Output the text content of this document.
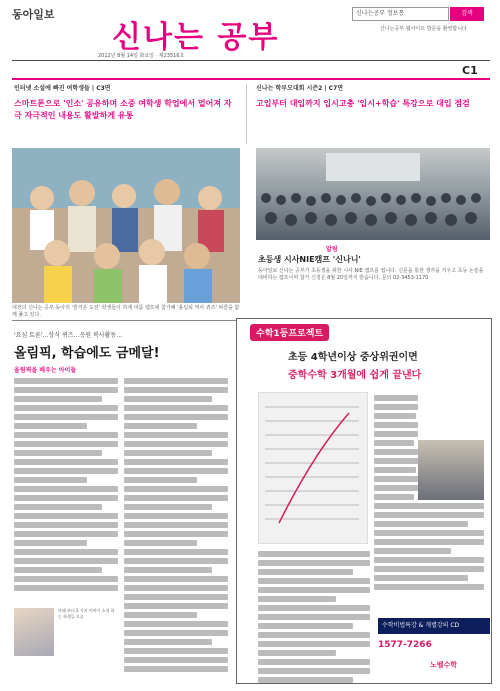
동아일보
신나는 공부
신나는공부 정보통	검색
신나는공부 웹사이트 방문을 환영합니다
2012년 8월 14일 화요일 · 제23516호
C1
인터넷 소설에 빠진 여학생들 | C3면
스마트폰으로 '인소' 공유하며 소중 여학생 학업에서 멀어져 자극 자극적인 내용도 활발하게 유통
신나는 학부모대회 시즌2 | C7면
고입부터 대입까지 입시고충 '입시+학습' 특강으로 대입 점검
대전의 신나는 공부 동아리 '즐거운 도전' 학생들이 하계 여름 캠프에 참가해 '올림픽 역사 퀴즈' 퍼즐을 함께 풀고 있다.
알림
초등생 시사NIE캠프 '신나니'
동아일보 신나는 공부가 초등생을 위한 시사 NIE 캠프를 엽니다. 신문을 통한 생각을 키우고 초등 논술을 대비하는 캠프이며 참가 신청은 8월 20일까지 받습니다. 문의 02-3453-1170
'요심 토론'…상식 퀴즈…응원 복사활동…
올림픽, 학습에도 금메달!
올림픽을 배우는 아이들
아래 부터 2 가지 이야기 소개 하는 학생들 모습
수학1등프로젝트
초등 4학년이상 중상위권이면
중학수학 3개월에 쉽게 끝낸다
수학비법특강 & 개별강의 CD
1577-7266
노벨수학
